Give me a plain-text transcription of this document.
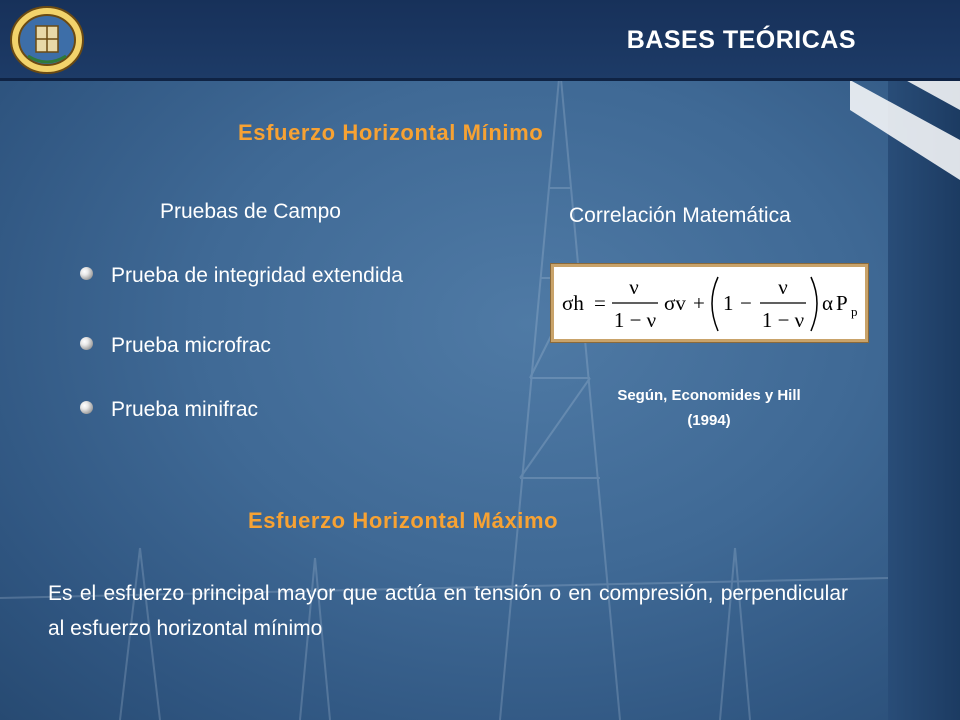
BASES TEÓRICAS
Esfuerzo Horizontal Mínimo
Pruebas de Campo	Correlación Matemática
Prueba de integridad extendida
Prueba microfrac
Prueba minifrac
σh =
ν
1 − ν
σv + 1 −
ν
1 − ν
α P p
Según, Economides y Hill
(1994)
Esfuerzo Horizontal Máximo
Es el esfuerzo principal mayor que actúa en tensión o en compresión, perpendicular al esfuerzo horizontal mínimo
